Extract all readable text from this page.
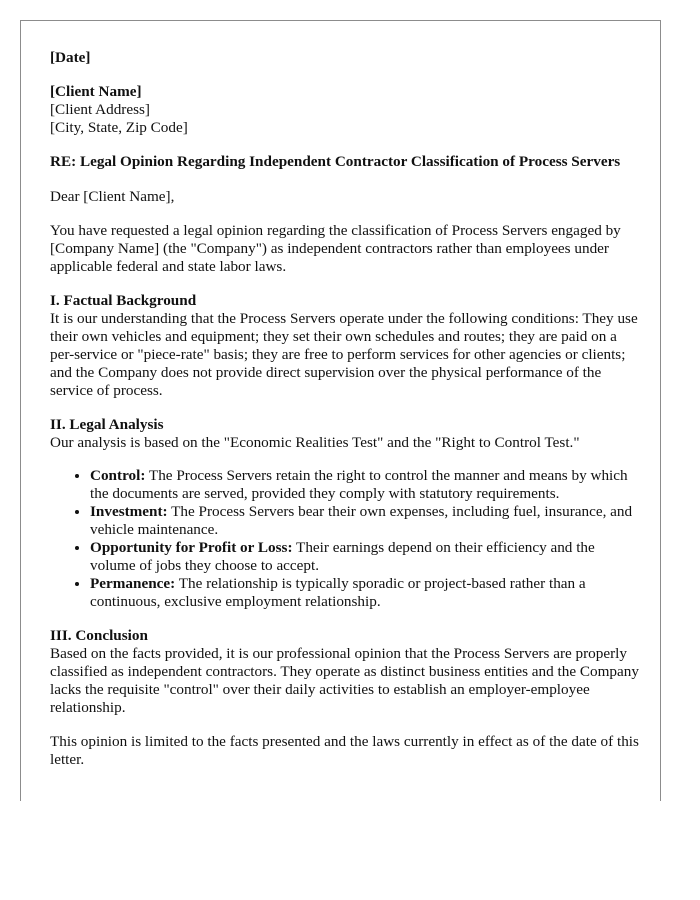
[Date]

[Client Name]
[Client Address]
[City, State, Zip Code]

RE: Legal Opinion Regarding Independent Contractor Classification of Process Servers

Dear [Client Name],

You have requested a legal opinion regarding the classification of Process Servers engaged by [Company Name] (the "Company") as independent contractors rather than employees under applicable federal and state labor laws.

I. Factual Background

It is our understanding that the Process Servers operate under the following conditions: They use their own vehicles and equipment; they set their own schedules and routes; they are paid on a per-service or "piece-rate" basis; they are free to perform services for other agencies or clients; and the Company does not provide direct supervision over the physical performance of the service of process.

II. Legal Analysis

Our analysis is based on the "Economic Realities Test" and the "Right to Control Test."

• Control: The Process Servers retain the right to control the manner and means by which the documents are served, provided they comply with statutory requirements.
• Investment: The Process Servers bear their own expenses, including fuel, insurance, and vehicle maintenance.
• Opportunity for Profit or Loss: Their earnings depend on their efficiency and the volume of jobs they choose to accept.
• Permanence: The relationship is typically sporadic or project-based rather than a continuous, exclusive employment relationship.

III. Conclusion

Based on the facts provided, it is our professional opinion that the Process Servers are properly classified as independent contractors. They operate as distinct business entities and the Company lacks the requisite "control" over their daily activities to establish an employer-employee relationship.

This opinion is limited to the facts presented and the laws currently in effect as of the date of this letter.
